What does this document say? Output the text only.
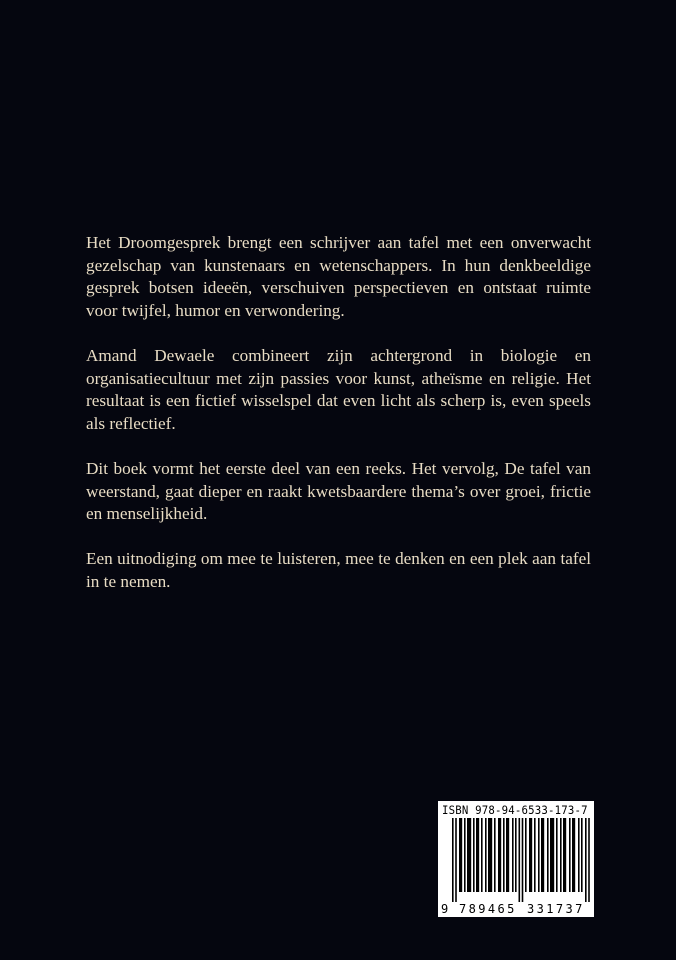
Het Droomgesprek brengt een schrijver aan tafel met een onverwacht gezelschap van kunstenaars en wetenschappers. In hun denkbeeldige gesprek botsen ideeën, verschuiven perspectieven en ontstaat ruimte voor twijfel, humor en verwondering.

Amand Dewaele combineert zijn achtergrond in biologie en organisatiecultuur met zijn passies voor kunst, atheïsme en religie. Het resultaat is een fictief wisselspel dat even licht als scherp is, even speels als reflectief.

Dit boek vormt het eerste deel van een reeks. Het vervolg, De tafel van weerstand, gaat dieper en raakt kwetsbaardere thema’s over groei, frictie en menselijkheid.

Een uitnodiging om mee te luisteren, mee te denken en een plek aan tafel in te nemen.

ISBN 978-94-6533-173-7
9 789465 331737
